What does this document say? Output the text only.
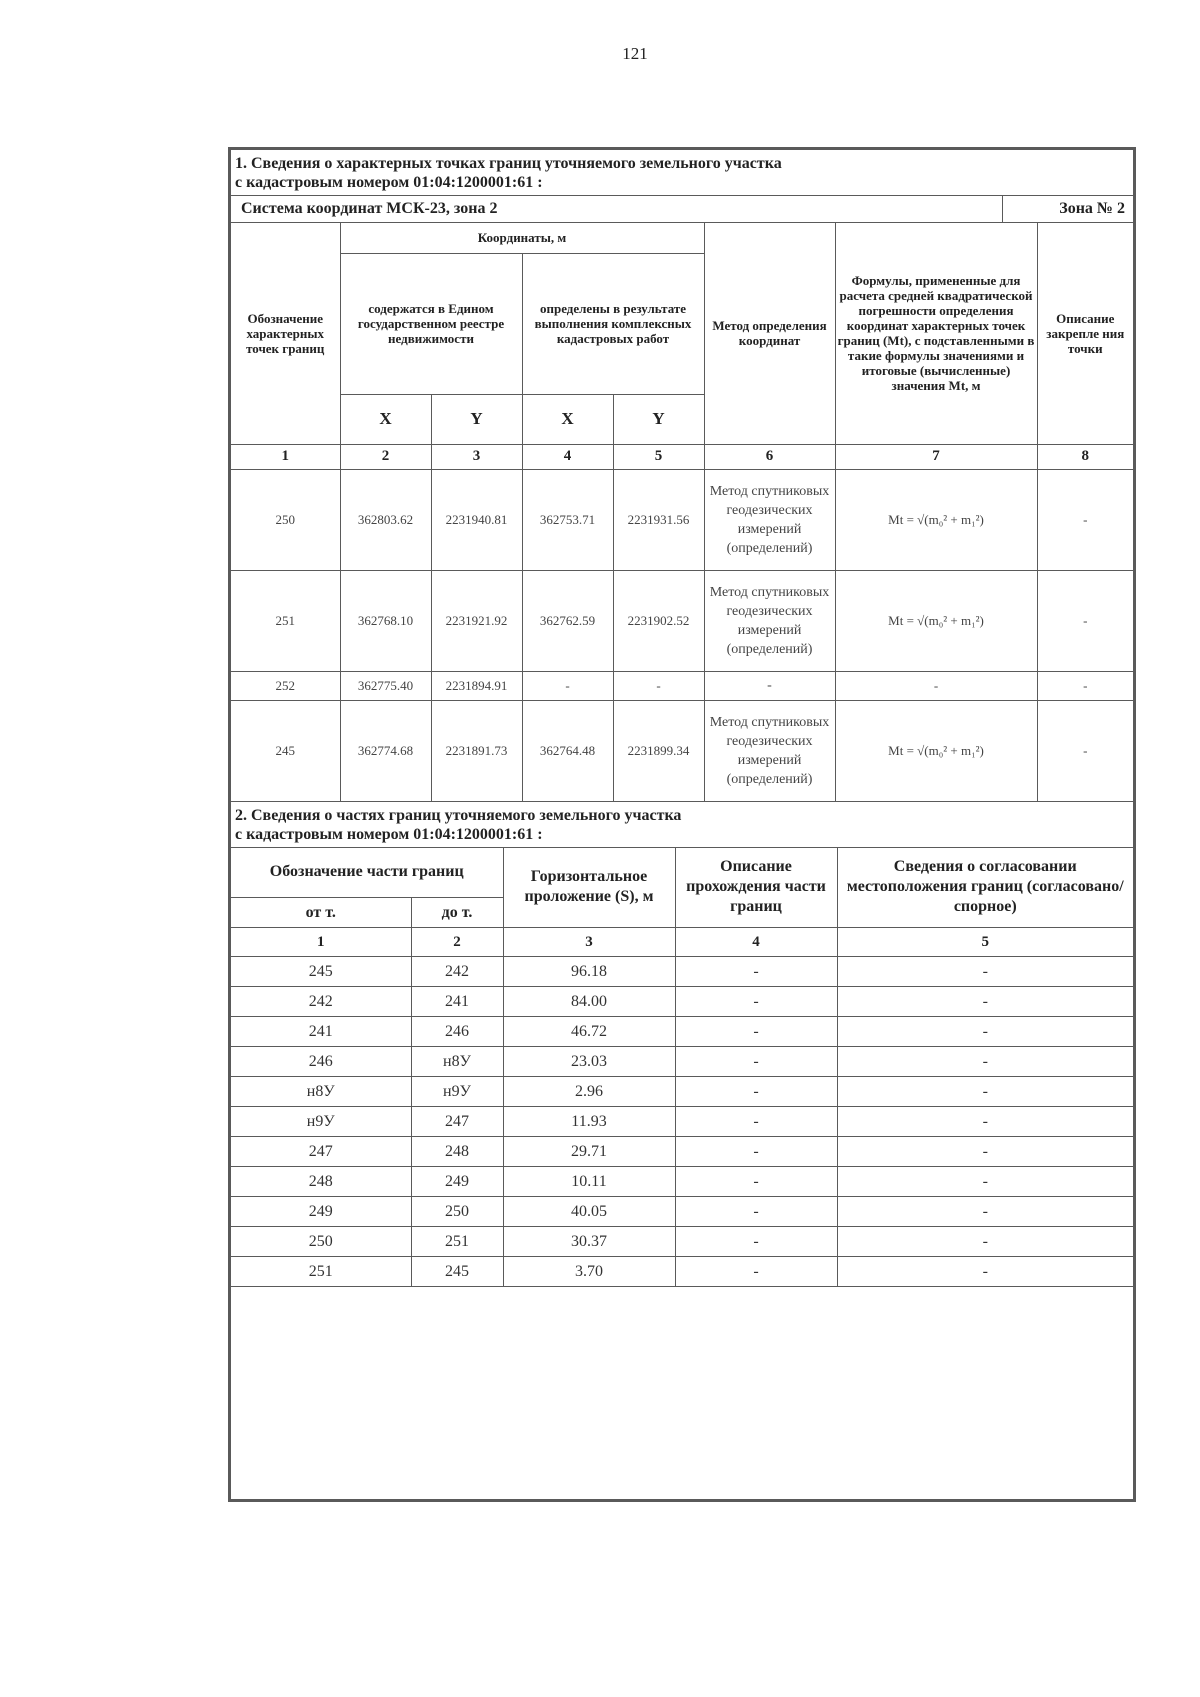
121
1. Сведения о характерных точках границ уточняемого земельного участка
с кадастровым номером 01:04:1200001:61 :
Система координат МСК-23, зона 2	Зона № 2
Обозначение характерных точек границ	Координаты, м				Метод определения координат	Формулы, примененные для расчета средней квадратической погрешности определения координат характерных точек границ (Mt), с подставленными в такие формулы значениями и итоговые (вычисленные) значения Mt, м	Описание закрепле ния точки
	содержатся в Едином государственном реестре недвижимости		определены в результате выполнения комплексных кадастровых работ				
	X	Y	X	Y			
1	2	3	4	5	6	7	8
250	362803.62	2231940.81	362753.71	2231931.56	Метод спутниковых геодезических измерений (определений)	Mt = √(m₀² + m₁²)	-
251	362768.10	2231921.92	362762.59	2231902.52	Метод спутниковых геодезических измерений (определений)	Mt = √(m₀² + m₁²)	-
252	362775.40	2231894.91	-	-	-	-	-
245	362774.68	2231891.73	362764.48	2231899.34	Метод спутниковых геодезических измерений (определений)	Mt = √(m₀² + m₁²)	-
2. Сведения о частях границ уточняемого земельного участка
с кадастровым номером 01:04:1200001:61 :
Обозначение части границ		Горизонтальное проложение (S), м	Описание прохождения части границ	Сведения о согласовании местоположения границ (согласовано/спорное)
от т.	до т.			
1	2	3	4	5
245	242	96.18	-	-
242	241	84.00	-	-
241	246	46.72	-	-
246	н8У	23.03	-	-
н8У	н9У	2.96	-	-
н9У	247	11.93	-	-
247	248	29.71	-	-
248	249	10.11	-	-
249	250	40.05	-	-
250	251	30.37	-	-
251	245	3.70	-	-
